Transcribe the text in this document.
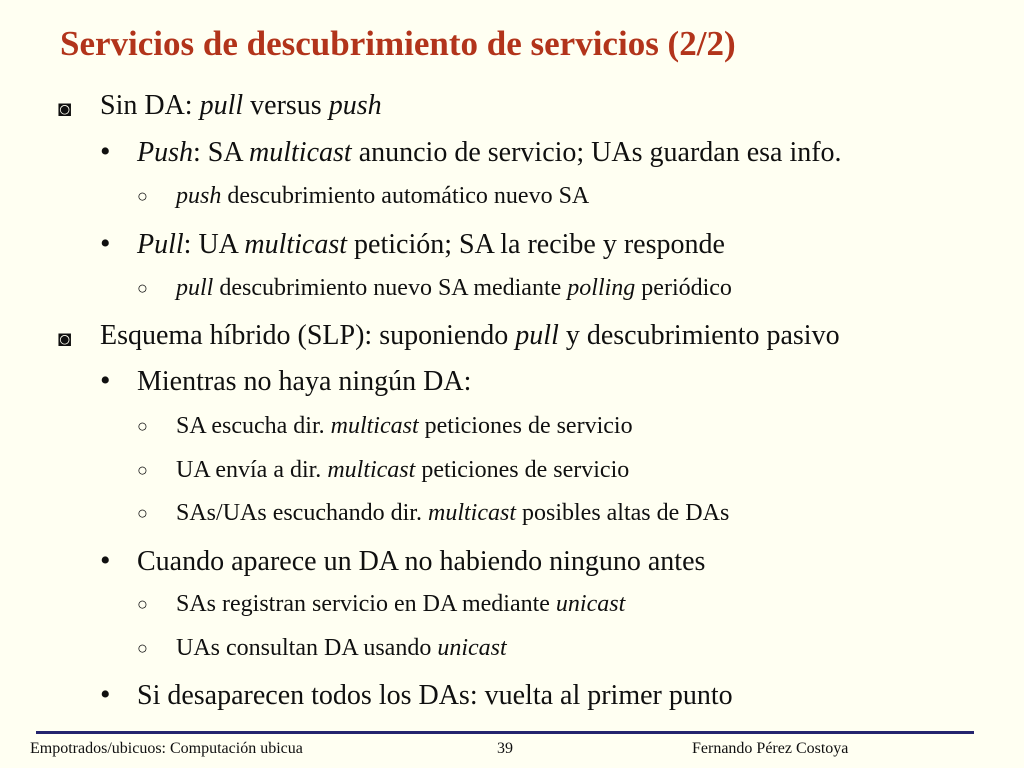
Servicios de descubrimiento de servicios (2/2)
◙ Sin DA: pull versus push
• Push: SA multicast anuncio de servicio; UAs guardan esa info.
○ push descubrimiento automático nuevo SA
• Pull: UA multicast petición; SA la recibe y responde
○ pull descubrimiento nuevo SA mediante polling periódico
◙ Esquema híbrido (SLP): suponiendo pull y descubrimiento pasivo
• Mientras no haya ningún DA:
○ SA escucha dir. multicast peticiones de servicio
○ UA envía a dir. multicast peticiones de servicio
○ SAs/UAs escuchando dir. multicast posibles altas de DAs
• Cuando aparece un DA no habiendo ninguno antes
○ SAs registran servicio en DA mediante unicast
○ UAs consultan DA usando unicast
• Si desaparecen todos los DAs: vuelta al primer punto
Empotrados/ubicuos: Computación ubicua	39	Fernando Pérez Costoya
